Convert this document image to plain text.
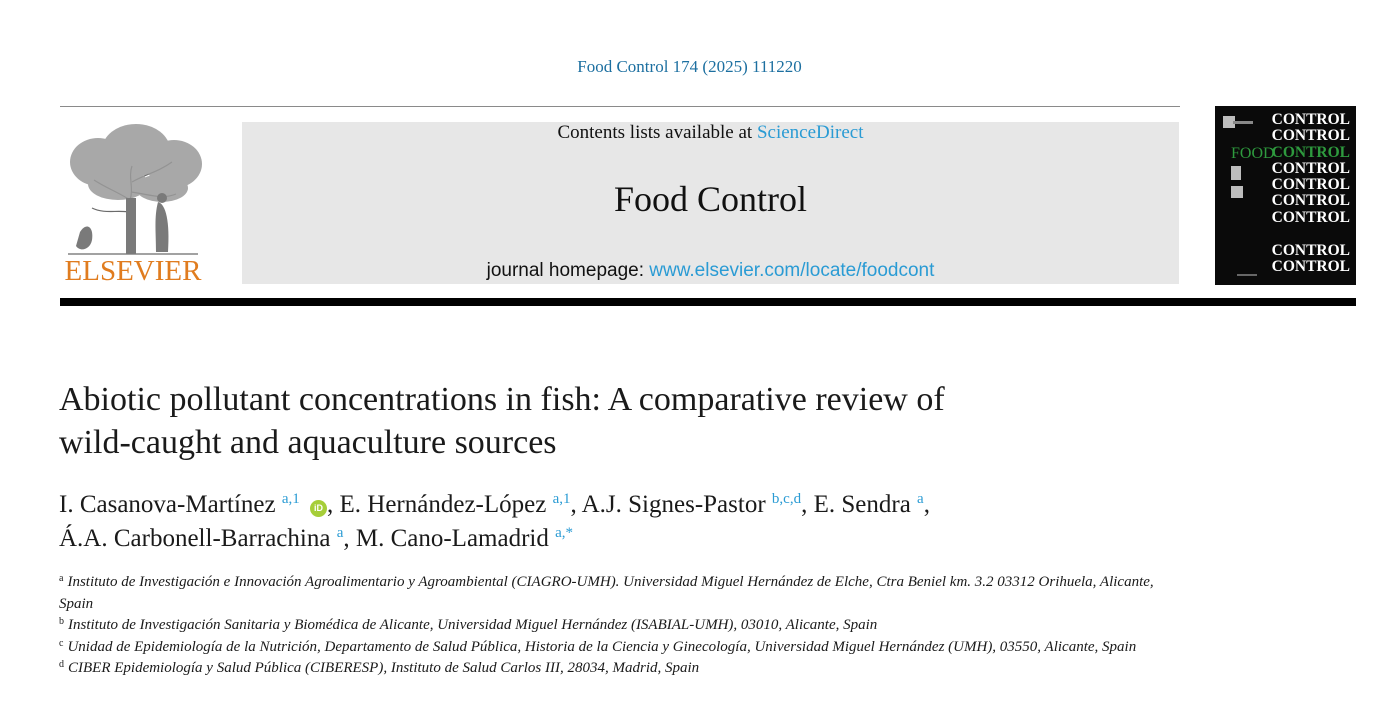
Food Control 174 (2025) 111220
ELSEVIER
Contents lists available at ScienceDirect
Food Control
journal homepage: www.elsevier.com/locate/foodcont
FOOD
CONTROL
CONTROL
CONTROL
CONTROL
CONTROL
CONTROL
CONTROL
CONTROL
CONTROL
Abiotic pollutant concentrations in fish: A comparative review of
wild-caught and aquaculture sources
I. Casanova-Martínez $^{a,1}$ iD , E. Hernández-López $^{a,1}$, A.J. Signes-Pastor $^{b,c,d}$, E. Sendra $^a$,
Á.A. Carbonell-Barrachina $^a$, M. Cano-Lamadrid $^{a,*}$
$^a$ Instituto de Investigación e Innovación Agroalimentario y Agroambiental (CIAGRO-UMH). Universidad Miguel Hernández de Elche, Ctra Beniel km. 3.2 03312 Orihuela, Alicante, Spain
$^b$ Instituto de Investigación Sanitaria y Biomédica de Alicante, Universidad Miguel Hernández (ISABIAL-UMH), 03010, Alicante, Spain
$^c$ Unidad de Epidemiología de la Nutrición, Departamento de Salud Pública, Historia de la Ciencia y Ginecología, Universidad Miguel Hernández (UMH), 03550, Alicante, Spain
$^d$ CIBER Epidemiología y Salud Pública (CIBERESP), Instituto de Salud Carlos III, 28034, Madrid, Spain
